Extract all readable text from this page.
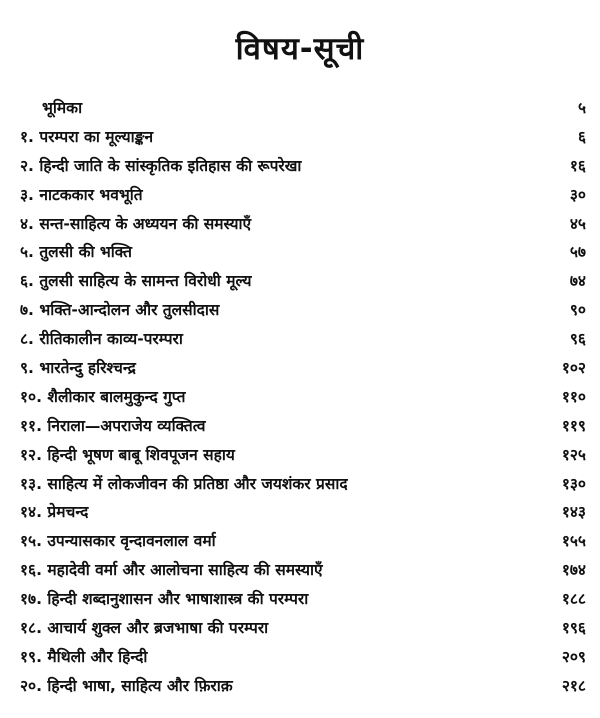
विषय-सूची
भूमिका	५
१. परम्परा का मूल्याङ्कन	६
२. हिन्दी जाति के सांस्कृतिक इतिहास की रूपरेखा	१६
३. नाटककार भवभूति	३०
४. सन्त-साहित्य के अध्ययन की समस्याएँ	४५
५. तुलसी की भक्ति	५७
६. तुलसी साहित्य के सामन्त विरोधी मूल्य	७४
७. भक्ति-आन्दोलन और तुलसीदास	९०
८. रीतिकालीन काव्य-परम्परा	९६
९. भारतेन्दु हरिश्चन्द्र	१०२
१०. शैलीकार बालमुकुन्द गुप्त	११०
११. निराला—अपराजेय व्यक्तित्व	११९
१२. हिन्दी भूषण बाबू शिवपूजन सहाय	१२५
१३. साहित्य में लोकजीवन की प्रतिष्ठा और जयशंकर प्रसाद	१३०
१४. प्रेमचन्द	१४३
१५. उपन्यासकार वृन्दावनलाल वर्मा	१५५
१६. महादेवी वर्मा और आलोचना साहित्य की समस्याएँ	१७४
१७. हिन्दी शब्दानुशासन और भाषाशास्त्र की परम्परा	१८८
१८. आचार्य शुक्ल और ब्रजभाषा की परम्परा	१९६
१९. मैथिली और हिन्दी	२०९
२०. हिन्दी भाषा, साहित्य और फ़िराक़	२१८
